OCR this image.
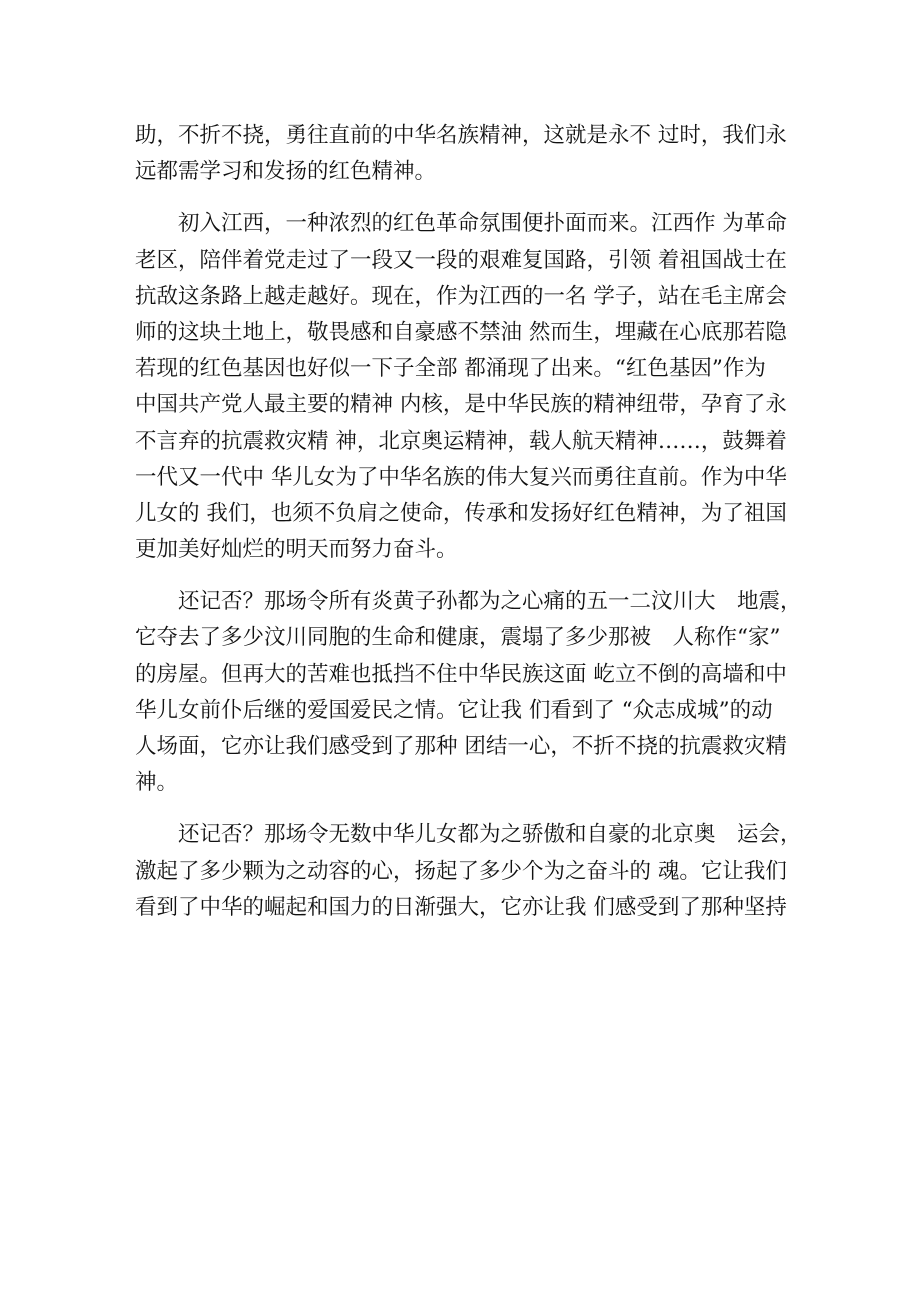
助，不折不挠，勇往直前的中华名族精神，这就是永不 过时，我们永
远都需学习和发扬的红色精神。

　　初入江西，一种浓烈的红色革命氛围便扑面而来。江西作 为革命
老区，陪伴着党走过了一段又一段的艰难复国路，引领 着祖国战士在
抗敌这条路上越走越好。现在，作为江西的一名 学子，站在毛主席会
师的这块土地上，敬畏感和自豪感不禁油 然而生，埋藏在心底那若隐
若现的红色基因也好似一下子全部 都涌现了出来。“红色基因”作为
中国共产党人最主要的精神 内核，是中华民族的精神纽带，孕育了永
不言弃的抗震救灾精 神，北京奥运精神，载人航天精神……，鼓舞着
一代又一代中 华儿女为了中华名族的伟大复兴而勇往直前。作为中华
儿女的 我们，也须不负肩之使命，传承和发扬好红色精神，为了祖国
更加美好灿烂的明天而努力奋斗。

　　还记否？那场令所有炎黄子孙都为之心痛的五一二汶川大　地震，
它夺去了多少汶川同胞的生命和健康，震塌了多少那被　人称作“家”
的房屋。但再大的苦难也抵挡不住中华民族这面 屹立不倒的高墙和中
华儿女前仆后继的爱国爱民之情。它让我 们看到了 “众志成城”的动
人场面，它亦让我们感受到了那种 团结一心，不折不挠的抗震救灾精
神。

　　还记否？那场令无数中华儿女都为之骄傲和自豪的北京奥　运会，
激起了多少颗为之动容的心，扬起了多少个为之奋斗的 魂。它让我们
看到了中华的崛起和国力的日渐强大，它亦让我 们感受到了那种坚持
